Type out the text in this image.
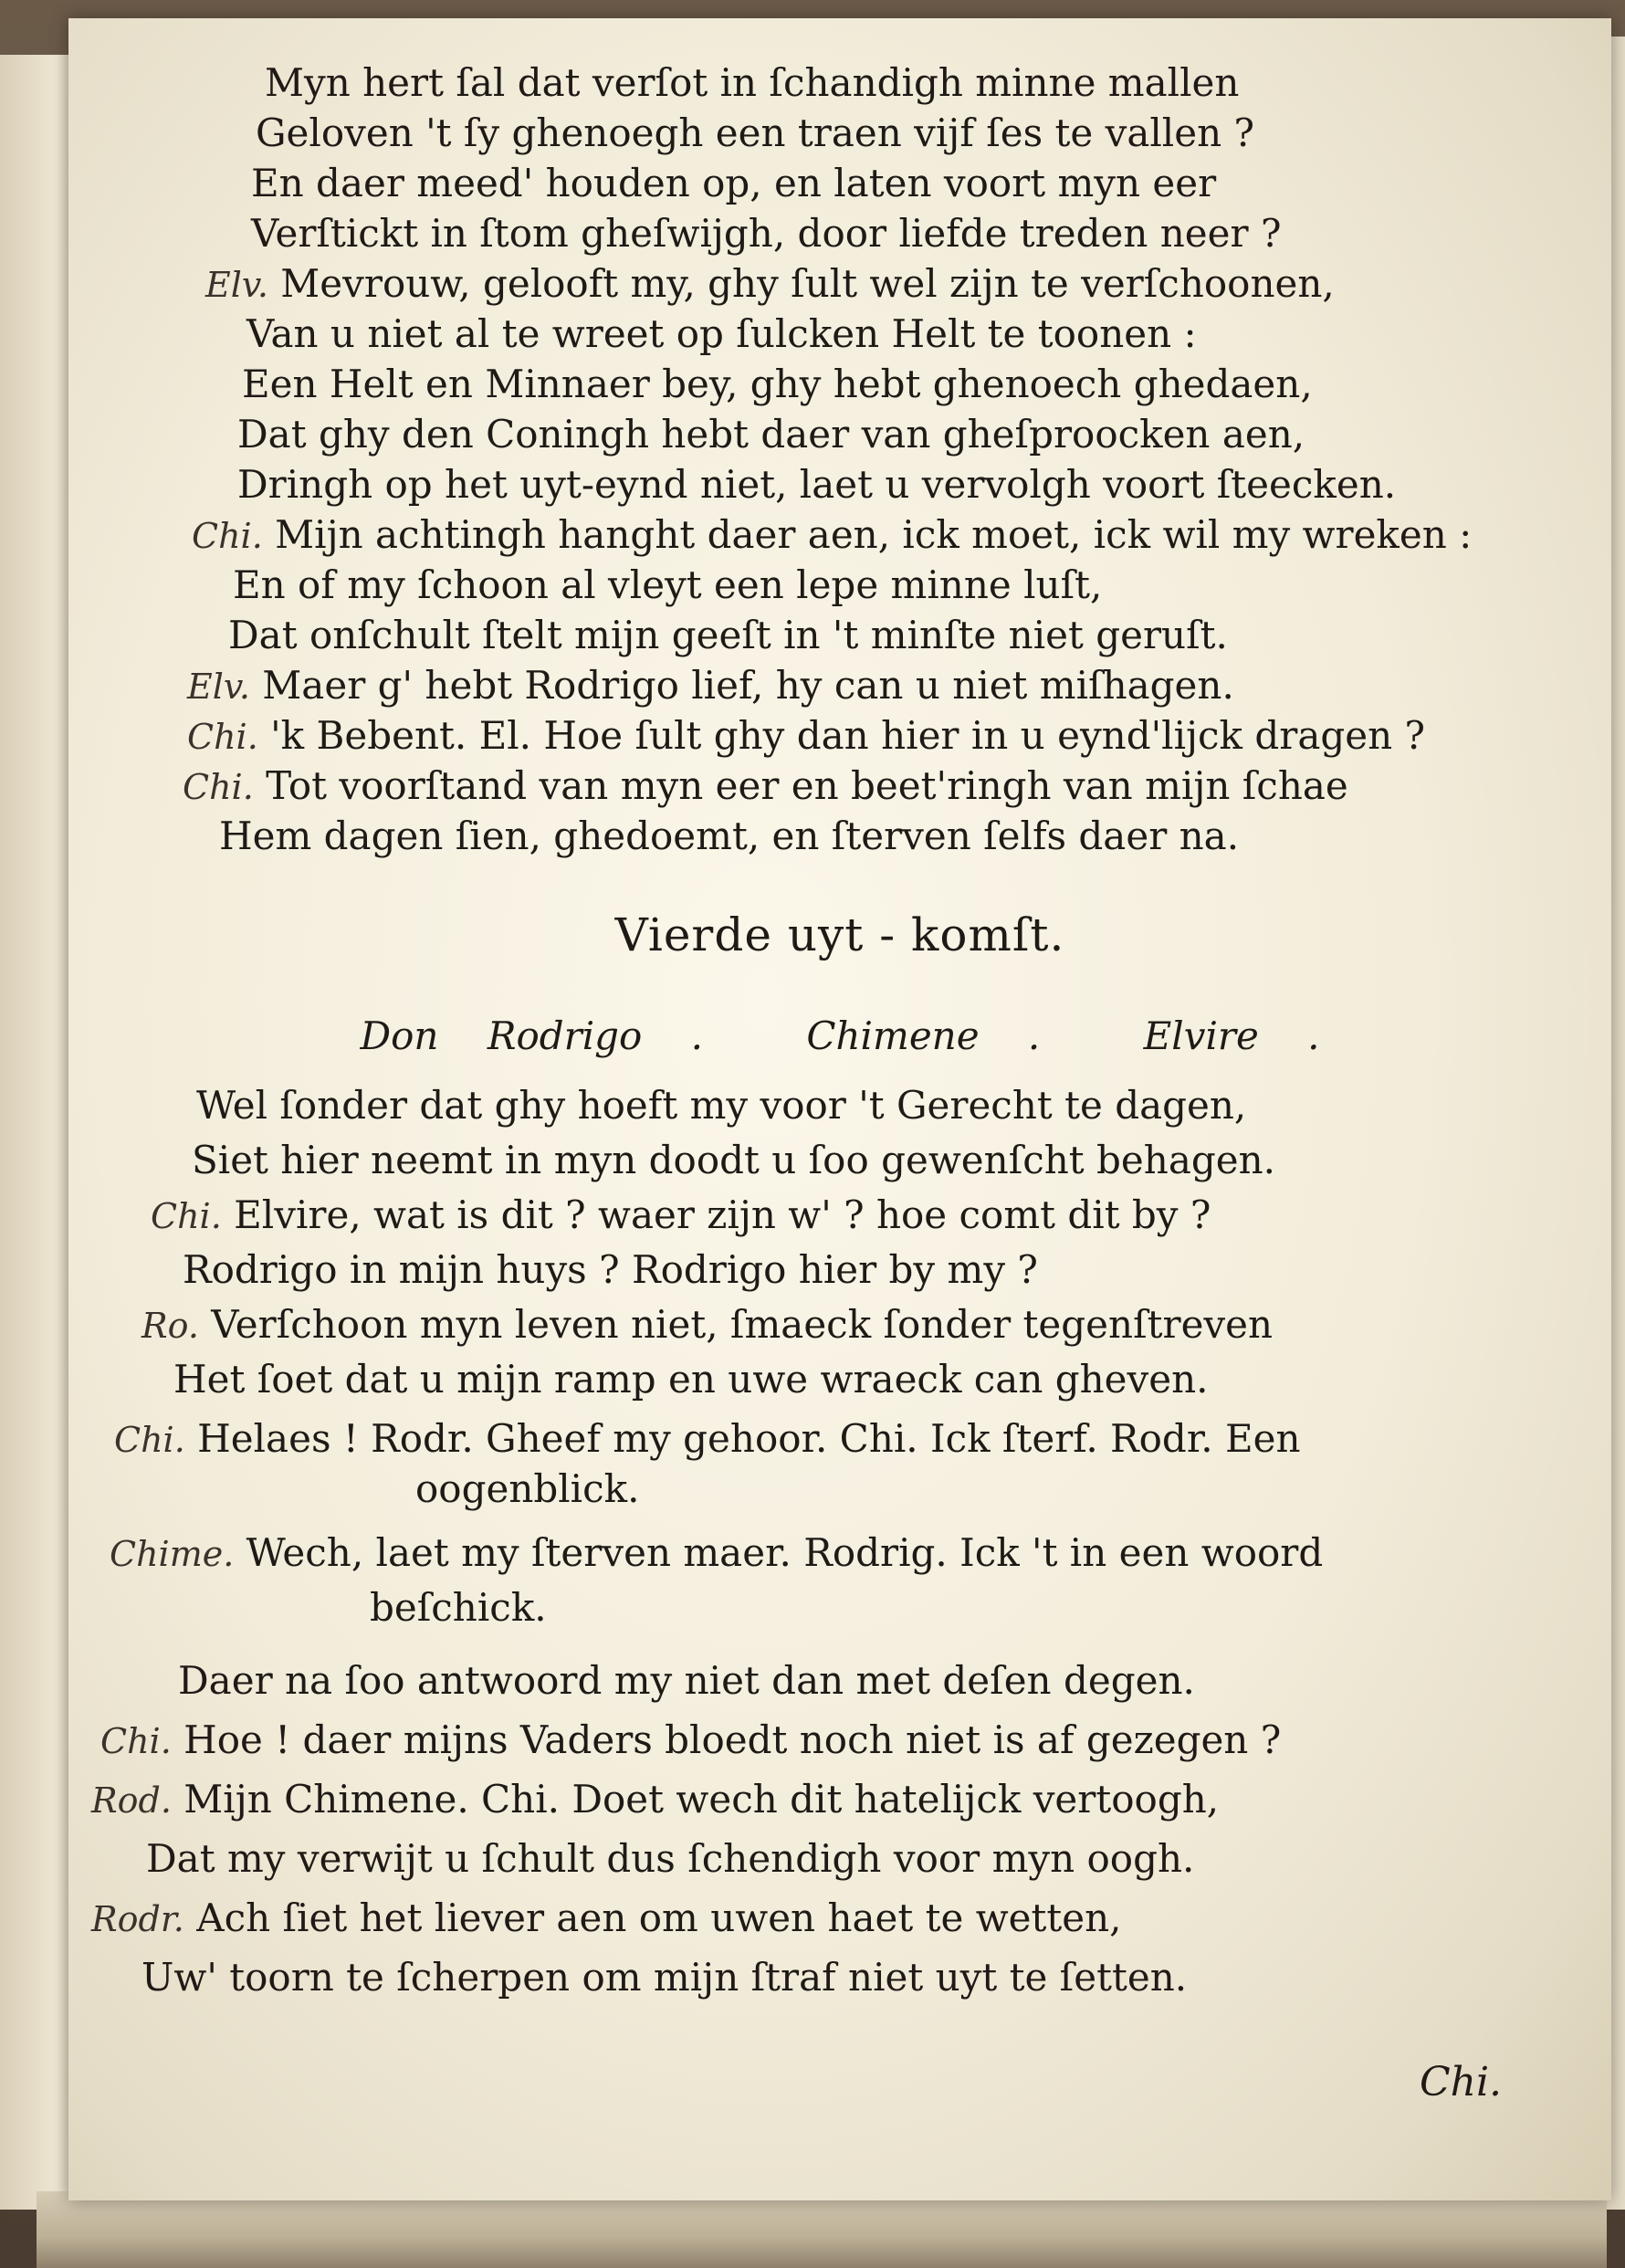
Myn hert ſal dat verſot in ſchandigh minne mallen
Geloven 't ſy ghenoegh een traen vijf ſes te vallen ?
En daer meed' houden op, en laten voort myn eer
Verſtickt in ſtom gheſwijgh, door liefde treden neer ?
Elv. Mevrouw, gelooft my, ghy ſult wel zijn te verſchoonen,
Van u niet al te wreet op ſulcken Helt te toonen :
Een Helt en Minnaer bey, ghy hebt ghenoech ghedaen,
Dat ghy den Coningh hebt daer van gheſproocken aen,
Dringh op het uyt-eynd niet, laet u vervolgh voort ſteecken.
Chi. Mijn achtingh hanght daer aen, ick moet, ick wil my wreken :
En of my ſchoon al vleyt een lepe minne luſt,
Dat onſchult ſtelt mijn geeſt in 't minſte niet geruſt.
Elv. Maer g' hebt Rodrigo lief, hy can u niet miſhagen.
Chi. 'k Bebent. El. Hoe ſult ghy dan hier in u eynd'lijck dragen ?
Chi. Tot voorſtand van myn eer en beet'ringh van mijn ſchae
Hem dagen ſien, ghedoemt, en ſterven ſelfs daer na.
Vierde uyt - komſt.
Don Rodrigo .	Chimene .	Elvire .
Wel ſonder dat ghy hoeft my voor 't Gerecht te dagen,
Siet hier neemt in myn doodt u ſoo gewenſcht behagen.
Chi. Elvire, wat is dit ? waer zijn w' ? hoe comt dit by ?
Rodrigo in mijn huys ? Rodrigo hier by my ?
Ro. Verſchoon myn leven niet, ſmaeck ſonder tegenſtreven
Het ſoet dat u mijn ramp en uwe wraeck can gheven.
Chi. Helaes ! Rodr. Gheef my gehoor. Chi. Ick ſterf. Rodr. Een
oogenblick.
Chime. Wech, laet my ſterven maer. Rodrig. Ick 't in een woord
beſchick.
Daer na ſoo antwoord my niet dan met deſen degen.
Chi. Hoe ! daer mijns Vaders bloedt noch niet is af gezegen ?
Rod. Mijn Chimene. Chi. Doet wech dit hatelijck vertoogh,
Dat my verwijt u ſchult dus ſchendigh voor myn oogh.
Rodr. Ach ſiet het liever aen om uwen haet te wetten,
Uw' toorn te ſcherpen om mijn ſtraf niet uyt te ſetten.
Chi.
